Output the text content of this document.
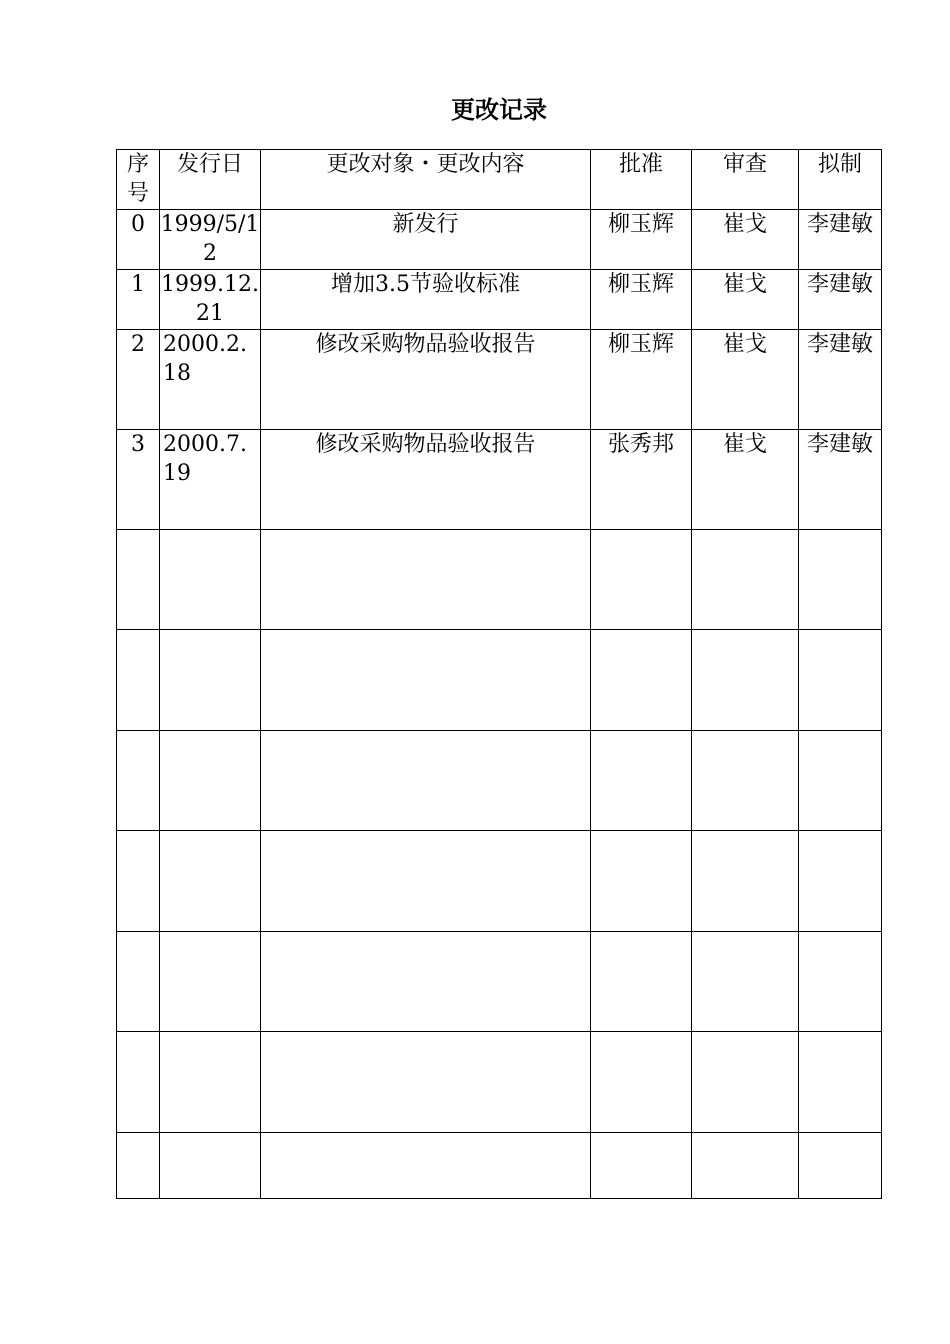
更改记录
序号	发行日	更改对象・更改内容	批准	审查	拟制
0	1999/5/12	新发行	柳玉辉	崔戈	李建敏
1	1999.12.21	增加3.5节验收标准	柳玉辉	崔戈	李建敏
2	2000.2.18	修改采购物品验收报告	柳玉辉	崔戈	李建敏
3	2000.7.19	修改采购物品验收报告	张秀邦	崔戈	李建敏
